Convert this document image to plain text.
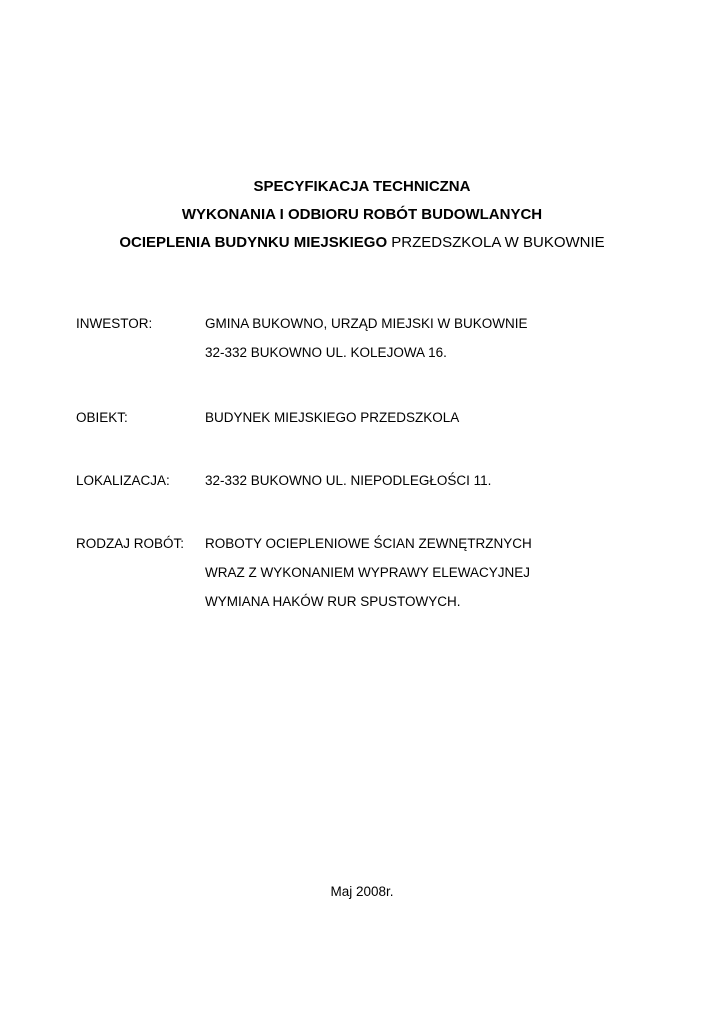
SPECYFIKACJA TECHNICZNA
WYKONANIA I ODBIORU ROBÓT BUDOWLANYCH
OCIEPLENIA BUDYNKU MIEJSKIEGO PRZEDSZKOLA W BUKOWNIE
INWESTOR:	GMINA BUKOWNO, URZĄD MIEJSKI W BUKOWNIE
32-332 BUKOWNO UL. KOLEJOWA 16.
OBIEKT:	BUDYNEK MIEJSKIEGO PRZEDSZKOLA
LOKALIZACJA:	32-332 BUKOWNO UL. NIEPODLEGŁOŚCI 11.
RODZAJ ROBÓT: ROBOTY OCIEPLENIOWE ŚCIAN ZEWNĘTRZNYCH
WRAZ Z WYKONANIEM WYPRAWY ELEWACYJNEJ
WYMIANA HAKÓW RUR SPUSTOWYCH.
Maj 2008r.
